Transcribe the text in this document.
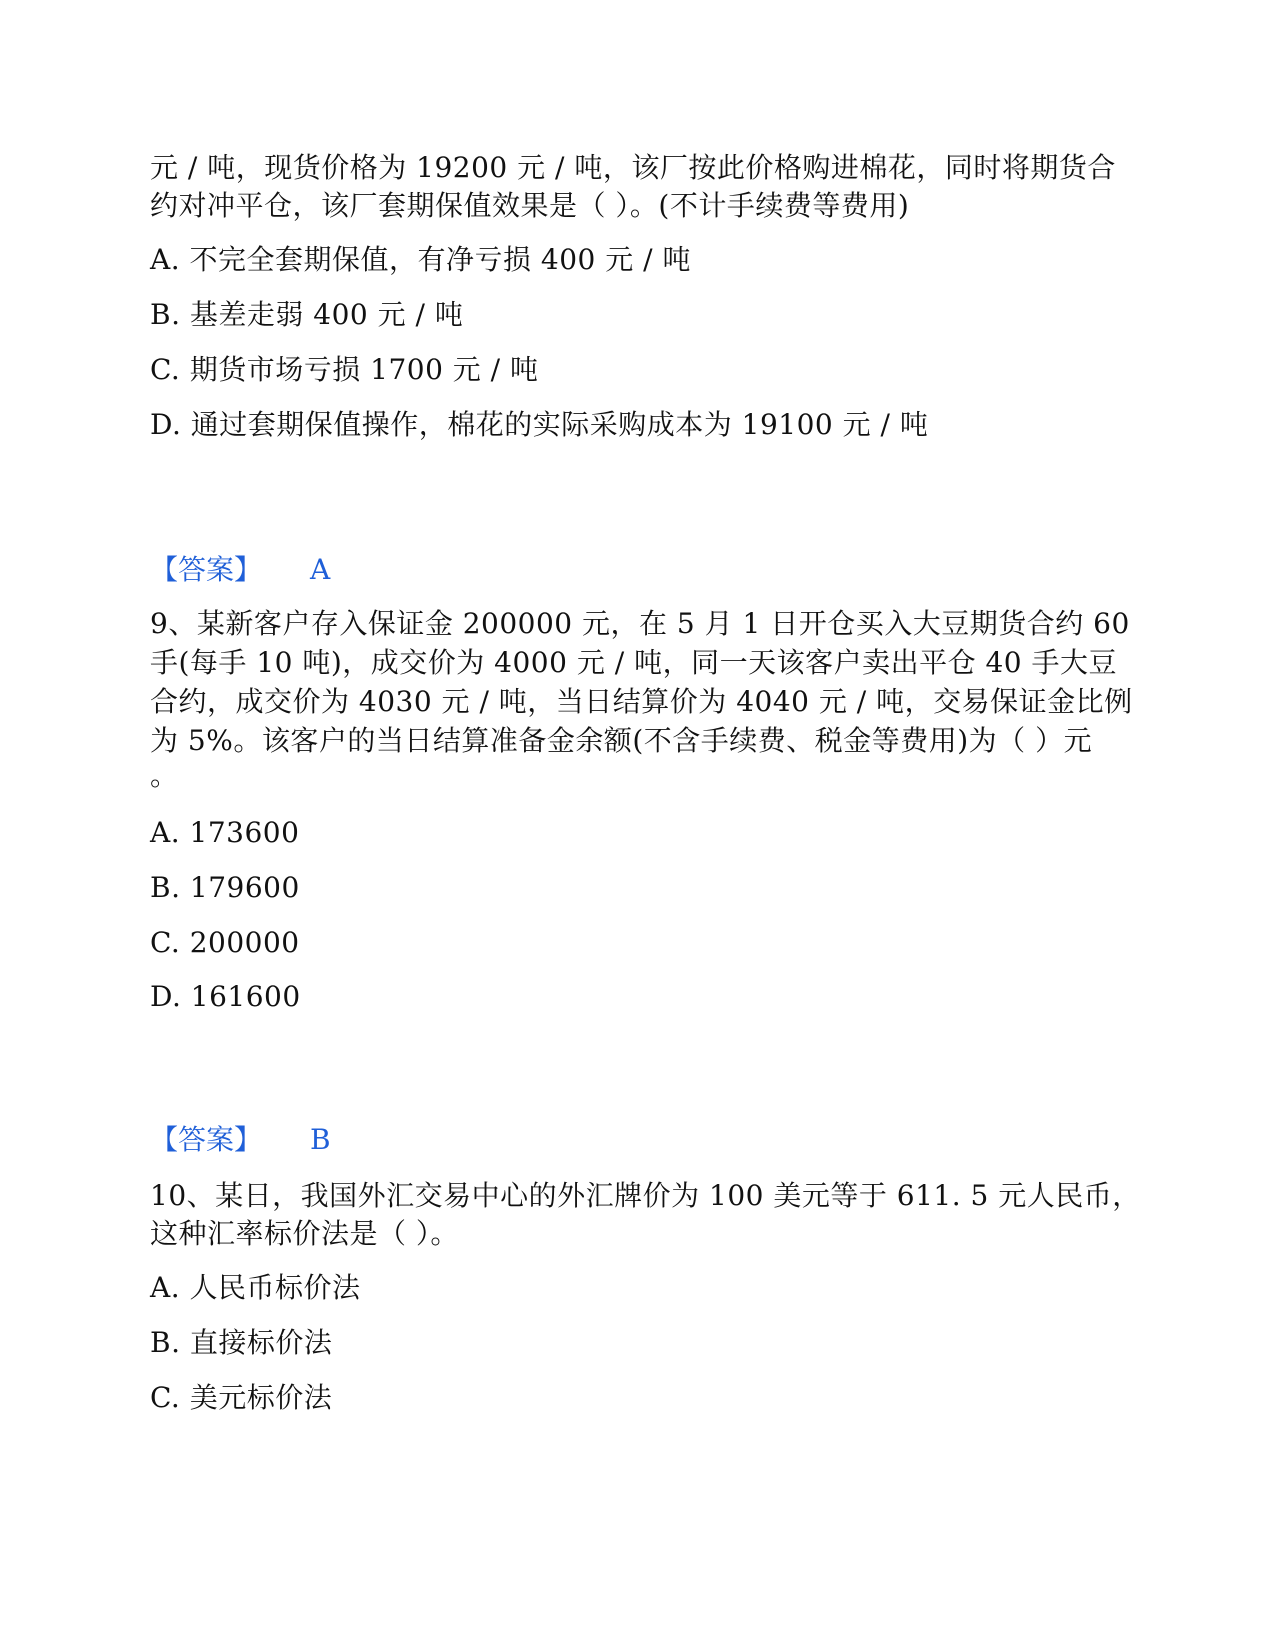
元 / 吨，现货价格为 19200 元 / 吨，该厂按此价格购进棉花，同时将期货合
约对冲平仓，该厂套期保值效果是（ ）。(不计手续费等费用)
A. 不完全套期保值，有净亏损 400 元 / 吨
B. 基差走弱 400 元 / 吨
C. 期货市场亏损 1700 元 / 吨
D. 通过套期保值操作，棉花的实际采购成本为 19100 元 / 吨
【答案】 A
9、某新客户存入保证金 200000 元，在 5 月 1 日开仓买入大豆期货合约 60
手(每手 10 吨)，成交价为 4000 元 / 吨，同一天该客户卖出平仓 40 手大豆
合约，成交价为 4030 元 / 吨，当日结算价为 4040 元 / 吨，交易保证金比例
为 5%。该客户的当日结算准备金余额(不含手续费、税金等费用)为（ ）元
。
A. 173600
B. 179600
C. 200000
D. 161600
【答案】 B
10、某日，我国外汇交易中心的外汇牌价为 100 美元等于 611. 5 元人民币，
这种汇率标价法是（ ）。
A. 人民币标价法
B. 直接标价法
C. 美元标价法
